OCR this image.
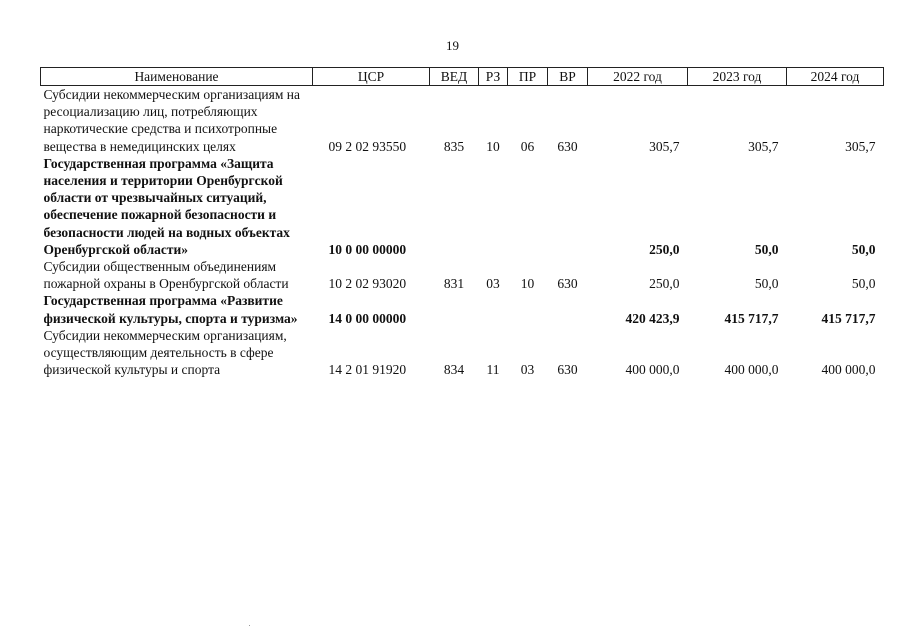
19
Наименование	ЦСР	ВЕД	РЗ	ПР	ВР	2022 год	2023 год	2024 год
Субсидии некоммерческим организациям на ресоциализацию лиц, потребляющих наркотические средства и психотропные вещества в немедицинских целях	09 2 02 93550	835	10	06	630	305,7	305,7	305,7
Государственная программа «Защита населения и территории Оренбургской области от чрезвычайных ситуаций, обеспечение пожарной безопасности и безопасности людей на водных объектах Оренбургской области»	10 0 00 00000					250,0	50,0	50,0
Субсидии общественным объединениям пожарной охраны в Оренбургской области	10 2 02 93020	831	03	10	630	250,0	50,0	50,0
Государственная программа «Развитие физической культуры, спорта и туризма»	14 0 00 00000					420 423,9	415 717,7	415 717,7
Субсидии некоммерческим организациям, осуществляющим деятельность в сфере физической культуры и спорта	14 2 01 91920	834	11	03	630	400 000,0	400 000,0	400 000,0
